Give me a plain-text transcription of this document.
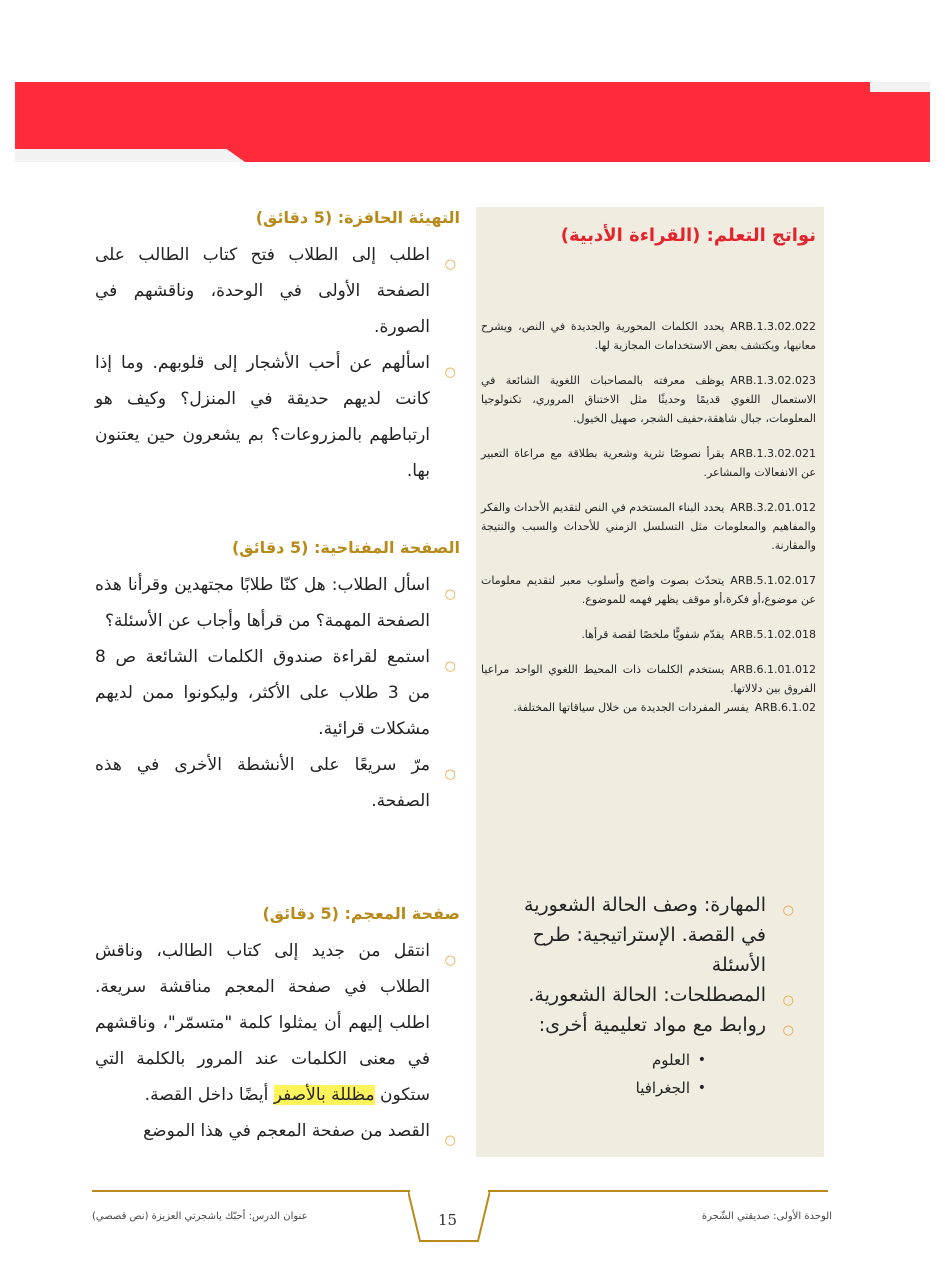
نواتج التعلم: (القراءة الأدبية)
ARB.1.3.02.022يحدد الكلمات المحورية والجديدة في النص، ويشرح معانيها، ويكتشف بعض الاستخدامات المجازية لها.
ARB.1.3.02.023يوظف معرفته بالمصاحبات اللغوية الشائعة في الاستعمال اللغوي قديمًا وحديثًا مثل الاختناق المروري، تكنولوجيا المعلومات، جبال شاهقة،حفيف الشجر، صهيل الخيول.
ARB.1.3.02.021يقرأ نصوصًا نثرية وشعرية بطلاقة مع مراعاة التعبير عن الانفعالات والمشاعر.
ARB.3.2.01.012يحدد البناء المستخدم في النص لتقديم الأحداث والفكر والمفاهيم والمعلومات مثل التسلسل الزمني للأحداث والسبب والنتيجة والمقارنة.
ARB.5.1.02.017يتحدّث بصوت واضح وأسلوب معبر لتقديم معلومات عن موضوع،أو فكرة،أو موقف يظهر فهمه للموضوع.
ARB.5.1.02.018يقدّم شفويًّا ملخصًا لقصة قرأها.
ARB.6.1.01.012يستخدم الكلمات ذات المحيط اللغوي الواحد مراعيا الفروق بين دلالاتها.
ARB.6.1.02يفسر المفردات الجديدة من خلال سياقاتها المختلفة.
○
المهارة: وصف الحالة الشعورية في القصة. الإستراتيجية: طرح الأسئلة
○
المصطلحات: الحالة الشعورية.
○
روابط مع مواد تعليمية أخرى:
•
العلوم
•
الجغرافيا
التهيئة الحافزة: (5 دقائق)
○
اطلب إلى الطلاب فتح كتاب الطالب على الصفحة الأولى في الوحدة، وناقشهم في الصورة.
○
اسألهم عن أحب الأشجار إلى قلوبهم. وما إذا كانت لديهم حديقة في المنزل؟ وكيف هو ارتباطهم بالمزروعات؟ بم يشعرون حين يعتنون بها.
الصفحة المفتاحية: (5 دقائق)
○
اسأل الطلاب: هل كنّا طلابًا مجتهدين وقرأنا هذه الصفحة المهمة؟ من قرأها وأجاب عن الأسئلة؟
○
استمع لقراءة صندوق الكلمات الشائعة ص 8 من 3 طلاب على الأكثر، وليكونوا ممن لديهم مشكلات قرائية.
○
مرّ سريعًا على الأنشطة الأخرى في هذه الصفحة.
صفحة المعجم: (5 دقائق)
○
انتقل من جديد إلى كتاب الطالب، وناقش الطلاب في صفحة المعجم مناقشة سريعة. اطلب إليهم أن يمثلوا كلمة "متسمّر"، وناقشهم في معنى الكلمات عند المرور بالكلمة التي ستكون مظللة بالأصفر أيضًا داخل القصة.
○
القصد من صفحة المعجم في هذا الموضع
15
عنوان الدرس: أحبّك ياشجرتي العزيزة (نص قصصي)	الوحدة الأولى: صديقتي الشّجرة
